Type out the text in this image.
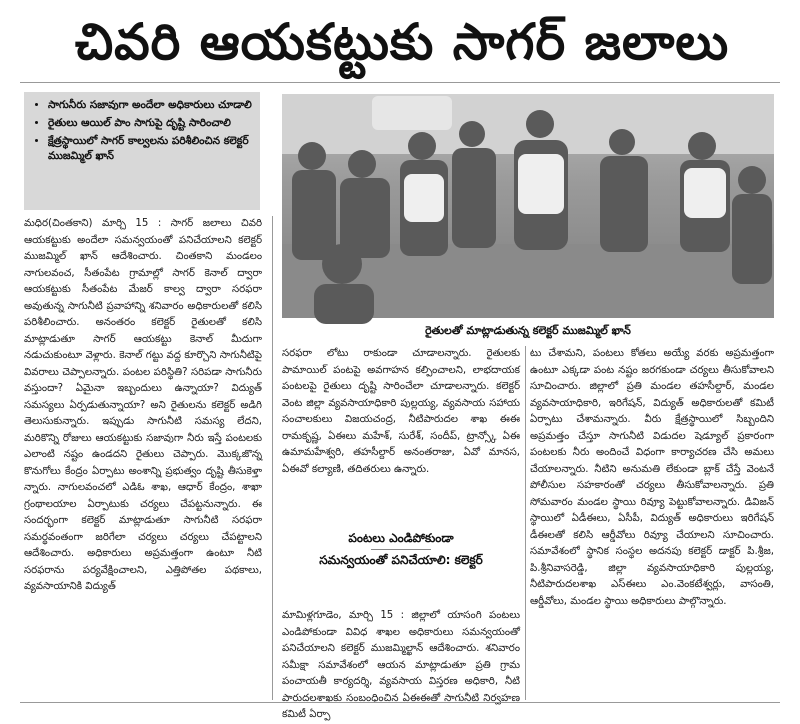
చివరి ఆయకట్టుకు సాగర్ జలాలు
• సాగునీరు సజావుగా అందేలా అధికారులు చూడాలి
• రైతులు ఆయిల్ పాం సాగుపై దృష్టి సారించాలి
• క్షేత్రస్థాయిలో సాగర్ కాల్వలను పరిశీలించిన కలెక్టర్ ముజమ్మిల్ ఖాన్
రైతులతో మాట్లాడుతున్న కలెక్టర్ ముజమ్మిల్ ఖాన్
మధిర(చింతకాని) మార్చి 15 : సాగర్ జలాలు చివరి ఆయకట్టుకు అందేలా సమన్వయంతో పనిచేయాలని కలెక్టర్ ముజమ్మిల్ ఖాన్ ఆదేశించారు. చింతకాని మండలం నాగులవంచ, సీతంపేట గ్రామాల్లో సాగర్ కెనాల్ ద్వారా ఆయకట్టుకు సీతంపేట మేజర్ కాల్వ ద్వారా సరఫరా అవుతున్న సాగునీటి ప్రవాహాన్ని శనివారం అధికారులతో కలిసి పరిశీలించారు. అనంతరం కలెక్టర్ రైతులతో కలిసి మాట్లాడుతూ సాగర్ ఆయకట్టు కెనాల్ మీదుగా నడుచుకుంటూ వెళ్లారు. కెనాల్ గట్టు వద్ద కూర్చొని సాగునీటిపై వివరాలు చెప్పాలన్నారు. పంటల పరిస్థితి? సరిపడా సాగునీరు వస్తుందా? ఏమైనా ఇబ్బందులు ఉన్నాయా? విద్యుత్ సమస్యలు ఏర్పడుతున్నాయా? అని రైతులను కలెక్టర్ అడిగి తెలుసుకున్నారు. ఇప్పుడు సాగునీటి సమస్య లేదని, మరికొన్ని రోజులు ఆయకట్టుకు సజావుగా నీరు ఇస్తే పంటలకు ఎలాంటి నష్టం ఉండదని రైతులు చెప్పారు. మొక్కజొన్న కొనుగోలు కేంద్రం ఏర్పాటు అంశాన్ని ప్రభుత్వం దృష్టి తీసుకెళ్తా న్నారు. నాగులవంచలో ఎడిఓ శాఖ, ఆధార్ కేంద్రం, శాఖా గ్రంథాలయాల ఏర్పాటుకు చర్యలు చేపట్టనున్నారు. ఈ సందర్భంగా కలెక్టర్ మాట్లాడుతూ సాగునీటి సరఫరా సమర్థవంతంగా జరిగేలా చర్యలు చర్యలు చేపట్టాలని ఆదేశించారు. అధికారులు అప్రమత్తంగా ఉంటూ నీటి సరఫరాను పర్యవేక్షించాలని, ఎత్తిపోతల పథకాలు, వ్యవసాయానికి విద్యుత్
సరఫరా లోటు రాకుండా చూడాలన్నారు. రైతులకు పామాయిల్ పంటపై అవగాహన కల్పించాలని, లాభదాయక పంటలపై రైతులు దృష్టి సారించేలా చూడాలన్నారు. కలెక్టర్ వెంట జిల్లా వ్యవసాయాధికారి పుల్లయ్య, వ్యవసాయ సహాయ సంచాలకులు విజయచంద్ర, నీటిపారుదల శాఖ ఈఈ రామకృష్ణ, ఏఈలు మహేశ్, సురేశ్, సందీప్, ట్రాన్స్కో ఏఈ ఉమామహేశ్వరి, తహసీల్దార్ అనంతరాజు, ఏవో మానస, ఏఈవో కల్యాణి, తదితరులు ఉన్నారు.
పంటలు ఎండిపోకుండా
సమన్వయంతో పనిచేయాలి: కలెక్టర్
మామిళ్లగూడెం, మార్చి 15 : జిల్లాలో యాసంగి పంటలు ఎండిపోకుండా వివిధ శాఖల అధికారులు సమన్వయంతో పనిచేయాలని కలెక్టర్ ముజమ్మిల్ఖాన్ ఆదేశించారు. శనివారం సమీక్షా సమావేశంలో ఆయన మాట్లాడుతూ ప్రతి గ్రామ పంచాయతీ కార్యదర్శి, వ్యవసాయ విస్తరణ అధికారి, నీటి పారుదలశాఖకు సంబంధించిన ఏఈఈతో సాగునీటి నిర్వహణ కమిటీ ఏర్పా
టు చేశామని, పంటలు కోతలు అయ్యే వరకు అప్రమత్తంగా ఉంటూ ఎక్కడా పంట నష్టం జరగకుండా చర్యలు తీసుకోవాలని సూచించారు. జిల్లాలో ప్రతి మండల తహసీల్దార్, మండల వ్యవసాయాధికారి, ఇరిగేషన్, విద్యుత్ అధికారులతో కమిటీ ఏర్పాటు చేశామన్నారు. వీరు క్షేత్రస్థాయిలో సిబ్బందిని అప్రమత్తం చేస్తూ సాగునీటి విడుదల షెడ్యూల్ ప్రకారంగా పంటలకు నీరు అందించే విధంగా కార్యాచరణ చేసి అమలు చేయాలన్నారు. నీటిని అనుమతి లేకుండా బ్లాక్ చేస్తే వెంటనే పోలీసుల సహకారంతో చర్యలు తీసుకోవాలన్నారు. ప్రతి సోమవారం మండల స్థాయి రివ్యూ పెట్టుకోవాలన్నారు. డివిజన్ స్థాయిలో ఏడీఈలు, ఏసీపీ, విద్యుత్ అధికారులు ఇరిగేషన్ డీఈలతో కలిసి ఆర్డీవోలు రివ్యూ చేయాలని సూచించారు. సమావేశంలో స్థానిక సంస్థల అదనపు కలెక్టర్ డాక్టర్ పి.శ్రీజ, పి.శ్రీనివాసరెడ్డి, జిల్లా వ్యవసాయాధికారి పుల్లయ్య, నీటిపారుదలశాఖ ఎస్ఈలు ఎం.వెంకటేశ్వర్లు, వాసంతి, ఆర్డీవోలు, మండల స్థాయి అధికారులు పాల్గొన్నారు.
